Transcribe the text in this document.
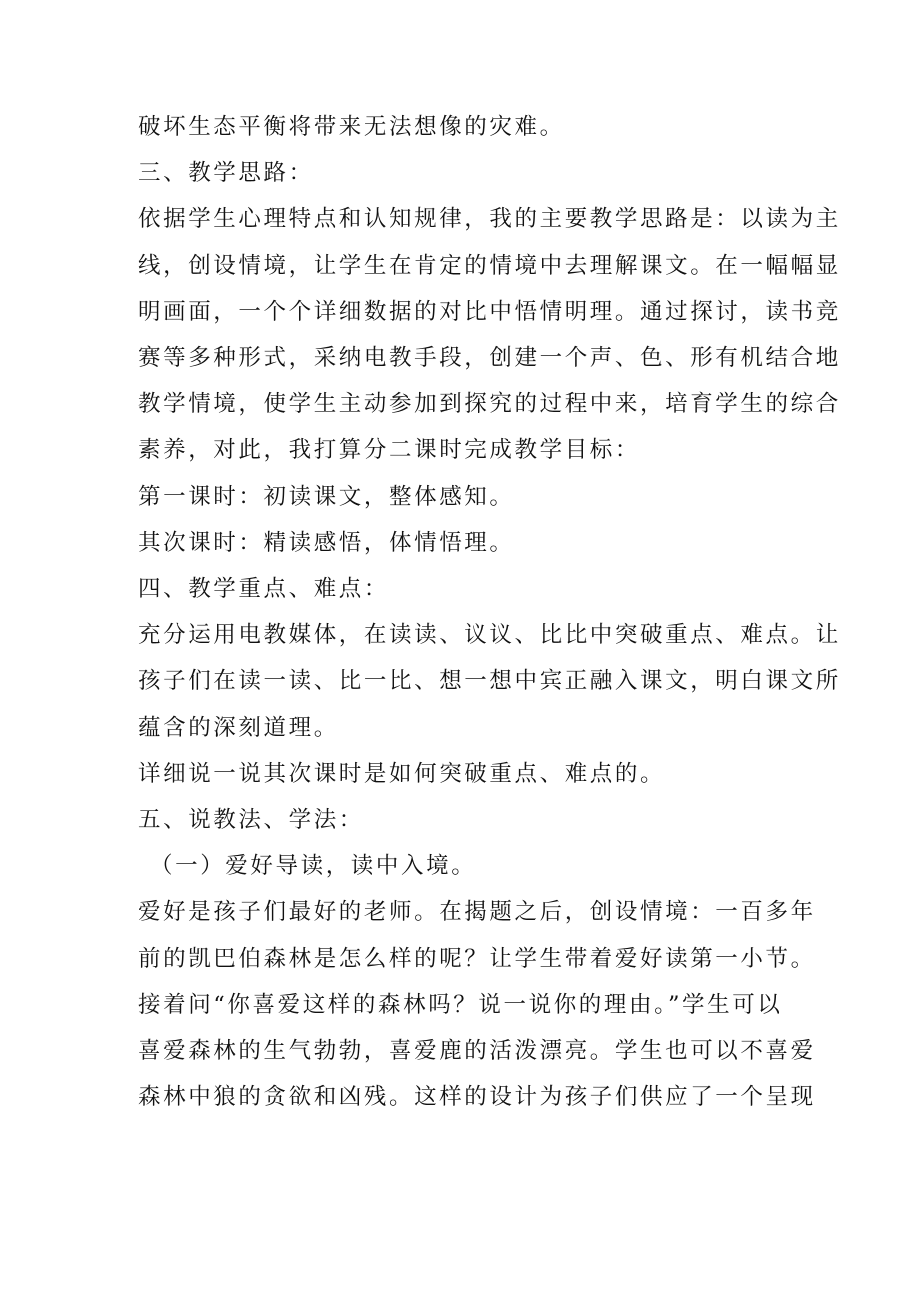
破坏生态平衡将带来无法想像的灾难。

三、教学思路：

依据学生心理特点和认知规律，我的主要教学思路是：以读为主
线，创设情境，让学生在肯定的情境中去理解课文。在一幅幅显
明画面，一个个详细数据的对比中悟情明理。通过探讨，读书竞
赛等多种形式，采纳电教手段，创建一个声、色、形有机结合地
教学情境，使学生主动参加到探究的过程中来，培育学生的综合
素养，对此，我打算分二课时完成教学目标：

第一课时：初读课文，整体感知。

其次课时：精读感悟，体情悟理。

四、教学重点、难点：

充分运用电教媒体，在读读、议议、比比中突破重点、难点。让
孩子们在读一读、比一比、想一想中宾正融入课文，明白课文所
蕴含的深刻道理。

详细说一说其次课时是如何突破重点、难点的。

五、说教法、学法：

（一）爱好导读，读中入境。

爱好是孩子们最好的老师。在揭题之后，创设情境：一百多年
前的凯巴伯森林是怎么样的呢？让学生带着爱好读第一小节。
接着问“你喜爱这样的森林吗？说一说你的理由。”学生可以
喜爱森林的生气勃勃，喜爱鹿的活泼漂亮。学生也可以不喜爱
森林中狼的贪欲和凶残。这样的设计为孩子们供应了一个呈现
